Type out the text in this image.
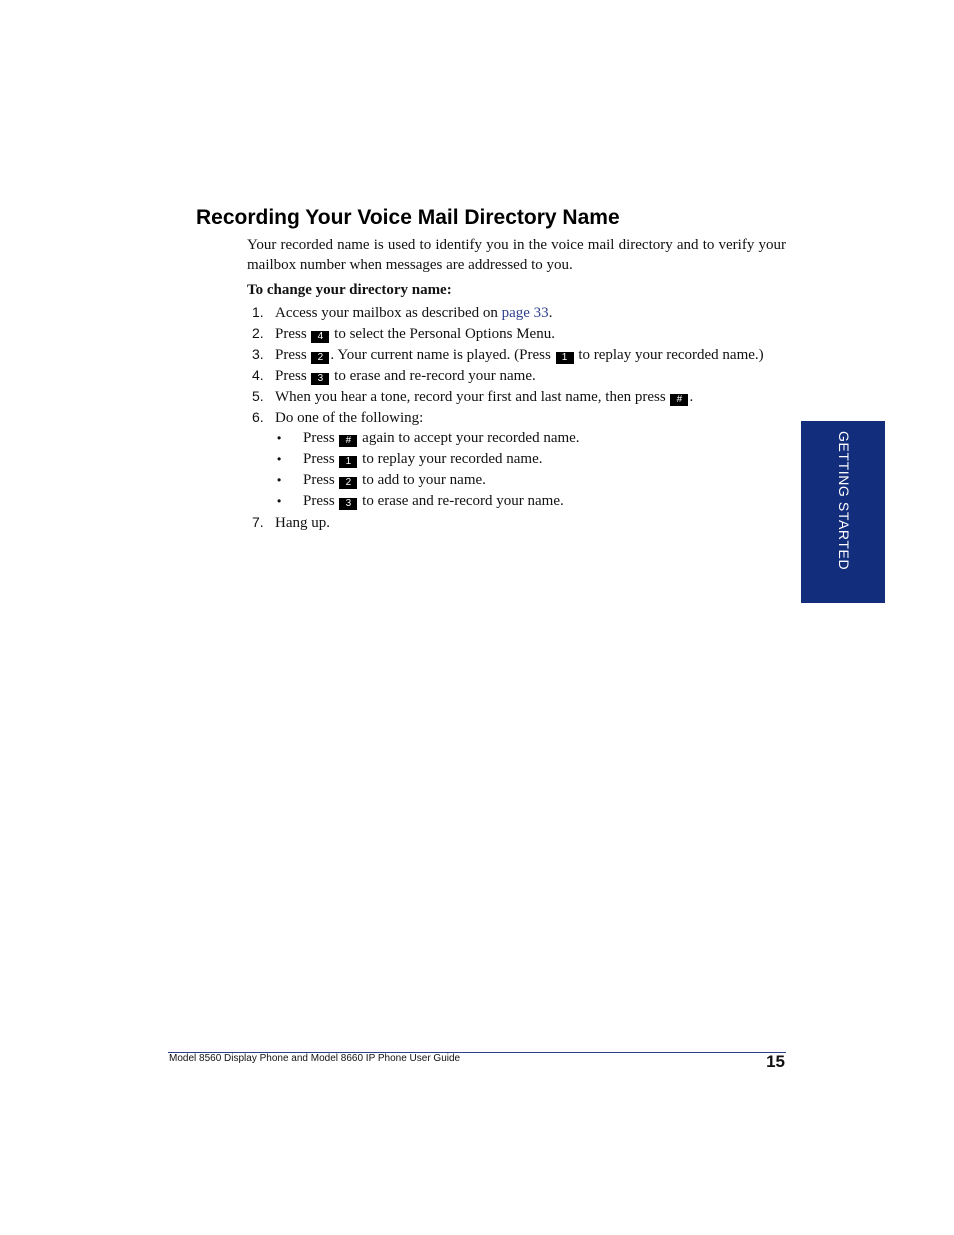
Recording Your Voice Mail Directory Name

Your recorded name is used to identify you in the voice mail directory and to verify your mailbox number when messages are addressed to you.

To change your directory name:

1. Access your mailbox as described on page 33.
2. Press 4 to select the Personal Options Menu.
3. Press 2 . Your current name is played. (Press 1 to replay your recorded name.)
4. Press 3 to erase and re-record your name.
5. When you hear a tone, record your first and last name, then press # .
6. Do one of the following:
• Press # again to accept your recorded name.
• Press 1 to replay your recorded name.
• Press 2 to add to your name.
• Press 3 to erase and re-record your name.
7. Hang up.	GETTING STARTED
Model 8560 Display Phone and Model 8660 IP Phone User Guide	15
